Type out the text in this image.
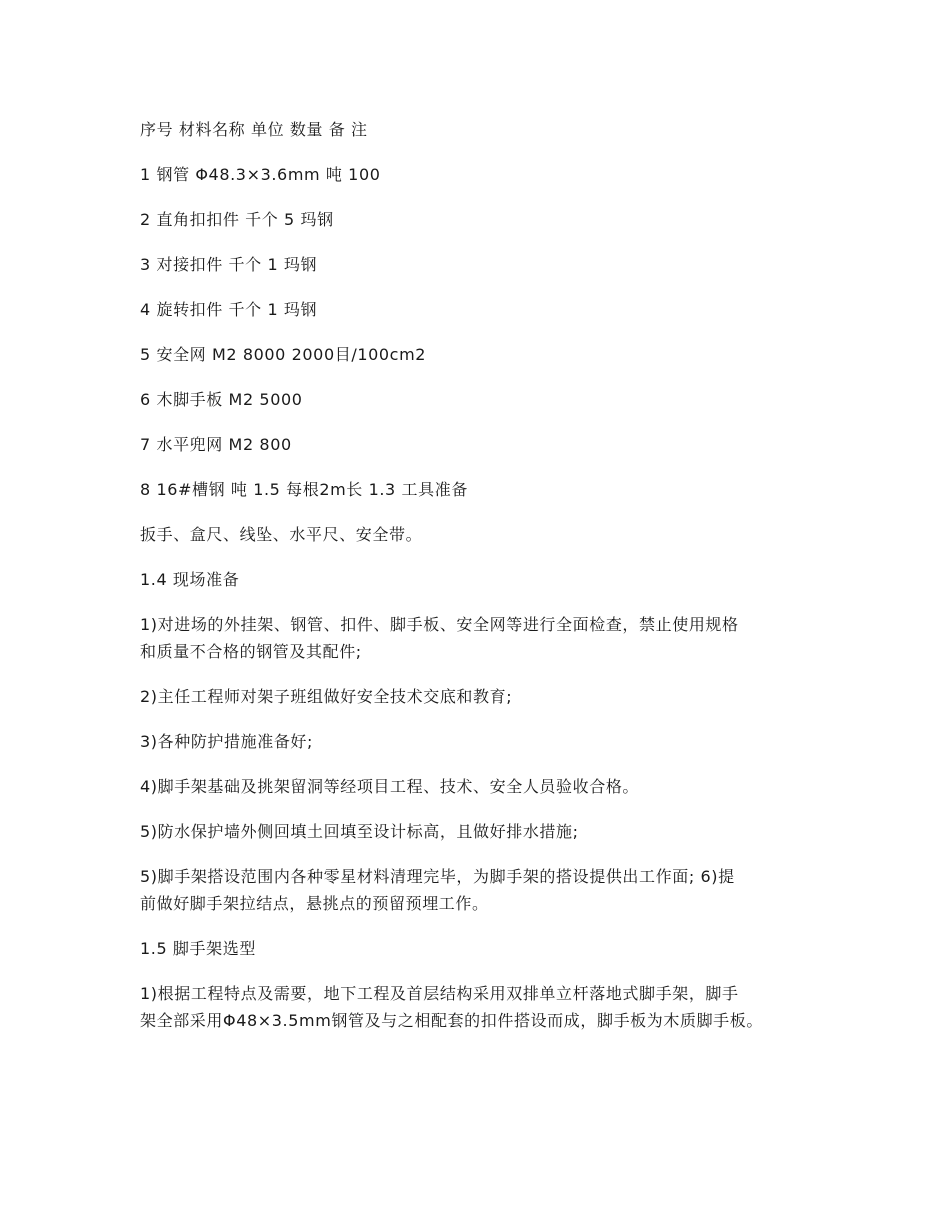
序号 材料名称 单位 数量 备 注

1 钢管 Φ48.3×3.6mm 吨 100

2 直角扣扣件 千个 5 玛钢

3 对接扣件 千个 1 玛钢

4 旋转扣件 千个 1 玛钢

5 安全网 M2 8000 2000目/100cm2

6 木脚手板 M2 5000

7 水平兜网 M2 800

8 16#槽钢 吨 1.5 每根2m长 1.3 工具准备

扳手、盒尺、线坠、水平尺、安全带。

1.4 现场准备

1)对进场的外挂架、钢管、扣件、脚手板、安全网等进行全面检查，禁止使用规格
和质量不合格的钢管及其配件;

2)主任工程师对架子班组做好安全技术交底和教育;

3)各种防护措施准备好;

4)脚手架基础及挑架留洞等经项目工程、技术、安全人员验收合格。

5)防水保护墙外侧回填土回填至设计标高，且做好排水措施;

5)脚手架搭设范围内各种零星材料清理完毕，为脚手架的搭设提供出工作面; 6)提
前做好脚手架拉结点，悬挑点的预留预埋工作。

1.5 脚手架选型

1)根据工程特点及需要，地下工程及首层结构采用双排单立杆落地式脚手架，脚手
架全部采用Φ48×3.5mm钢管及与之相配套的扣件搭设而成，脚手板为木质脚手板。
